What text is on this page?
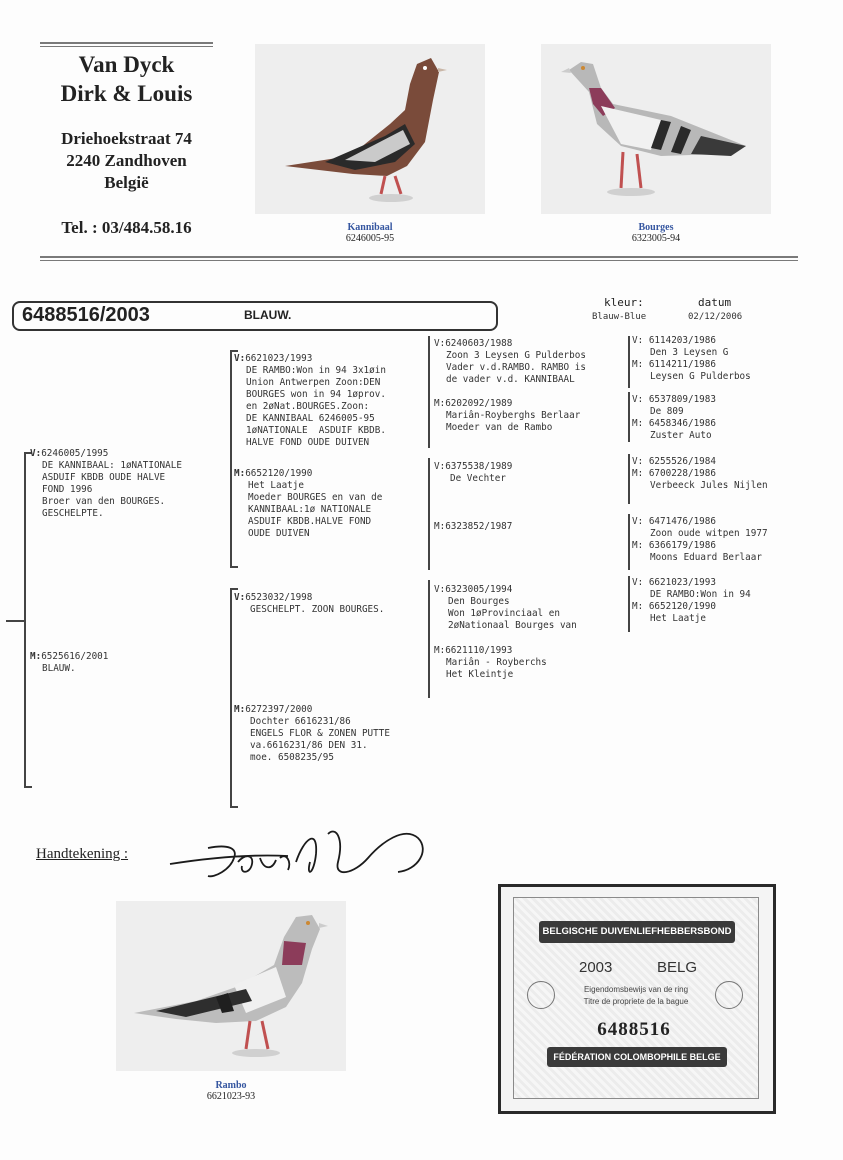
Van Dyck
Dirk & Louis
Driehoekstraat 74
2240 Zandhoven
België
Tel. : 03/484.58.16	Kannibaal
6246005-95
Bourges
6323005-94
6488516/2003	BLAUW.
kleur:	datum
Blauw-Blue	02/12/2006
V:6246005/1995

DE KANNIBAAL: 1øNATIONALE
ASDUIF KBDB OUDE HALVE
FOND 1996
Broer van den BOURGES.
GESCHELPTE.
M:6525616/2001

BLAUW.
V:6621023/1993

DE RAMBO:Won in 94 3x1øin
Union Antwerpen Zoon:DEN
BOURGES won in 94 1øprov.
en 2øNat.BOURGES.Zoon:
DE KANNIBAAL 6246005-95
1øNATIONALE  ASDUIF KBDB.
HALVE FOND OUDE DUIVEN
M:6652120/1990

Het Laatje
Moeder BOURGES en van de
KANNIBAAL:1ø NATIONALE
ASDUIF KBDB.HALVE FOND
OUDE DUIVEN
V:6523032/1998

GESCHELPT. ZOON BOURGES.
M:6272397/2000

Dochter 6616231/86
ENGELS FLOR & ZONEN PUTTE
va.6616231/86 DEN 31.
moe. 6508235/95
V:6240603/1988

Zoon 3 Leysen G Pulderbos
Vader v.d.RAMBO. RAMBO is
de vader v.d. KANNIBAAL
M:6202092/1989

Mariân-Royberghs Berlaar
Moeder van de Rambo
V:6375538/1989

De Vechter
M:6323852/1987
V:6323005/1994

Den Bourges
Won 1øProvinciaal en
2øNationaal Bourges van
M:6621110/1993

Mariân - Royberchs
Het Kleintje
V: 6114203/1986

Den 3 Leysen G
M: 6114211/1986

Leysen G Pulderbos
V: 6537809/1983

De 809
M: 6458346/1986

Zuster Auto
V: 6255526/1984

M: 6700228/1986

Verbeeck Jules Nijlen
V: 6471476/1986

Zoon oude witpen 1977
M: 6366179/1986

Moons Eduard Berlaar
V: 6621023/1993

DE RAMBO:Won in 94
M: 6652120/1990

Het Laatje
Handtekening :
Rambo
6621023-93
BELGISCHE DUIVENLIEFHEBBERSBOND
2003	BELG
Eigendomsbewijs van de ring
Titre de propriete de la bague
6488516
FÉDÉRATION COLOMBOPHILE BELGE
